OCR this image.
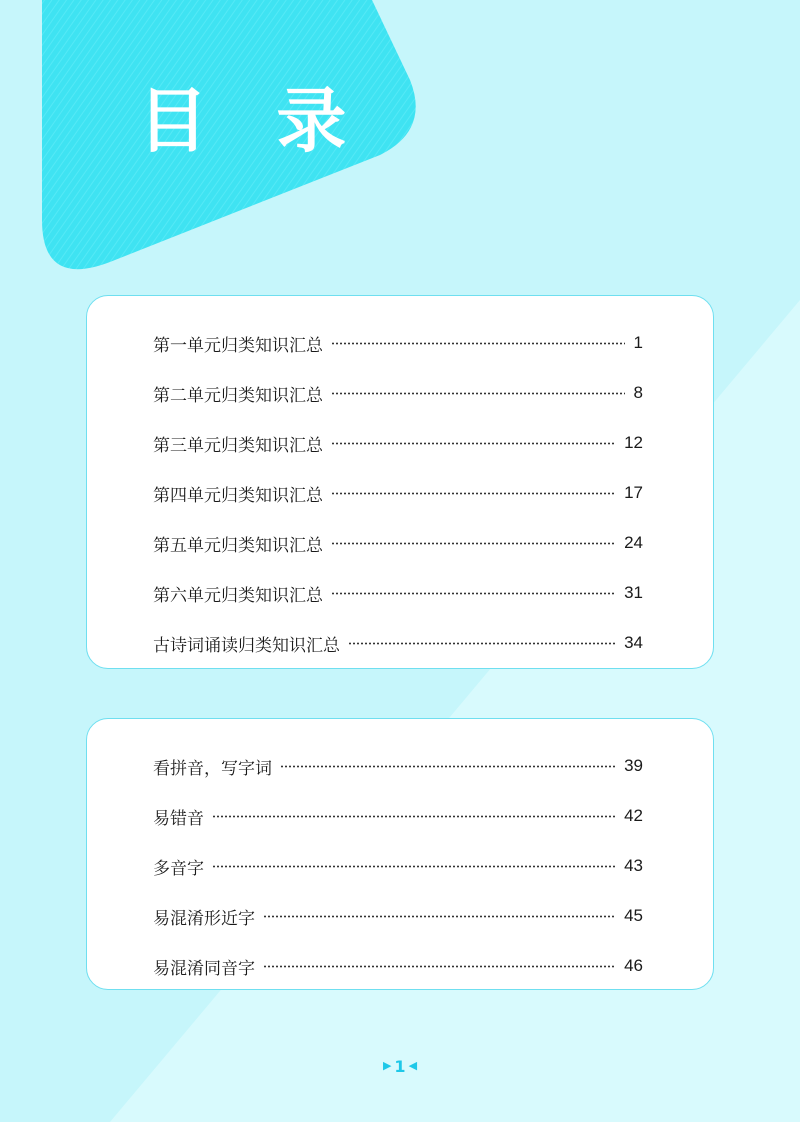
目 录
第一单元归类知识汇总	1
第二单元归类知识汇总	8
第三单元归类知识汇总	12
第四单元归类知识汇总	17
第五单元归类知识汇总	24
第六单元归类知识汇总	31
古诗词诵读归类知识汇总	34
看拼音，写字词	39
易错音	42
多音字	43
易混淆形近字	45
易混淆同音字	46
▶ 1 ◀
